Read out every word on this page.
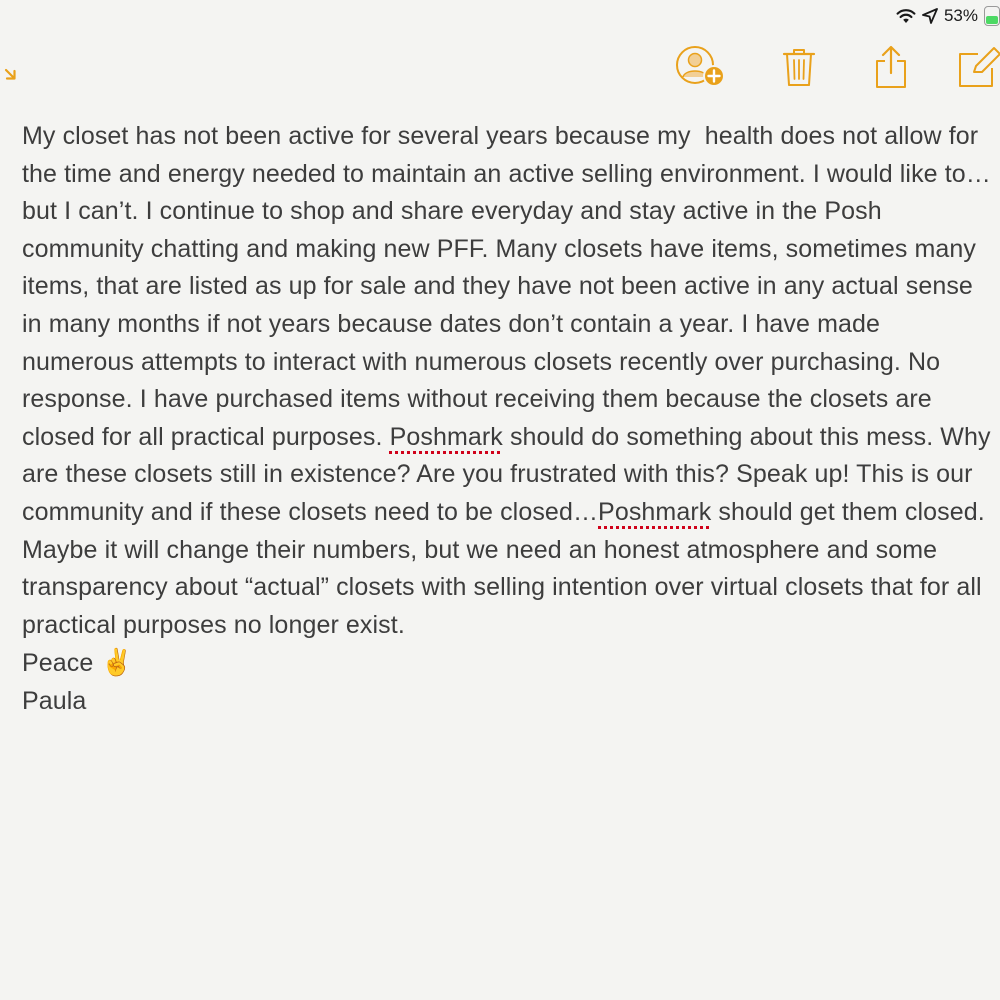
53%
My closet has not been active for several years because my  health does not allow for the time and energy needed to maintain an active selling environment. I would like to…but I can’t. I continue to shop and share everyday and stay active in the Posh community chatting and making new PFF. Many closets have items, sometimes many items, that are listed as up for sale and they have not been active in any actual sense in many months if not years because dates don’t contain a year. I have made numerous attempts to interact with numerous closets recently over purchasing. No response. I have purchased items without receiving them because the closets are closed for all practical purposes. Poshmark should do something about this mess. Why are these closets still in existence? Are you frustrated with this? Speak up! This is our community and if these closets need to be closed…Poshmark should get them closed. Maybe it will change their numbers, but we need an honest atmosphere and some transparency about “actual” closets with selling intention over virtual closets that for all practical purposes no longer exist.
Peace ✌️
Paula
